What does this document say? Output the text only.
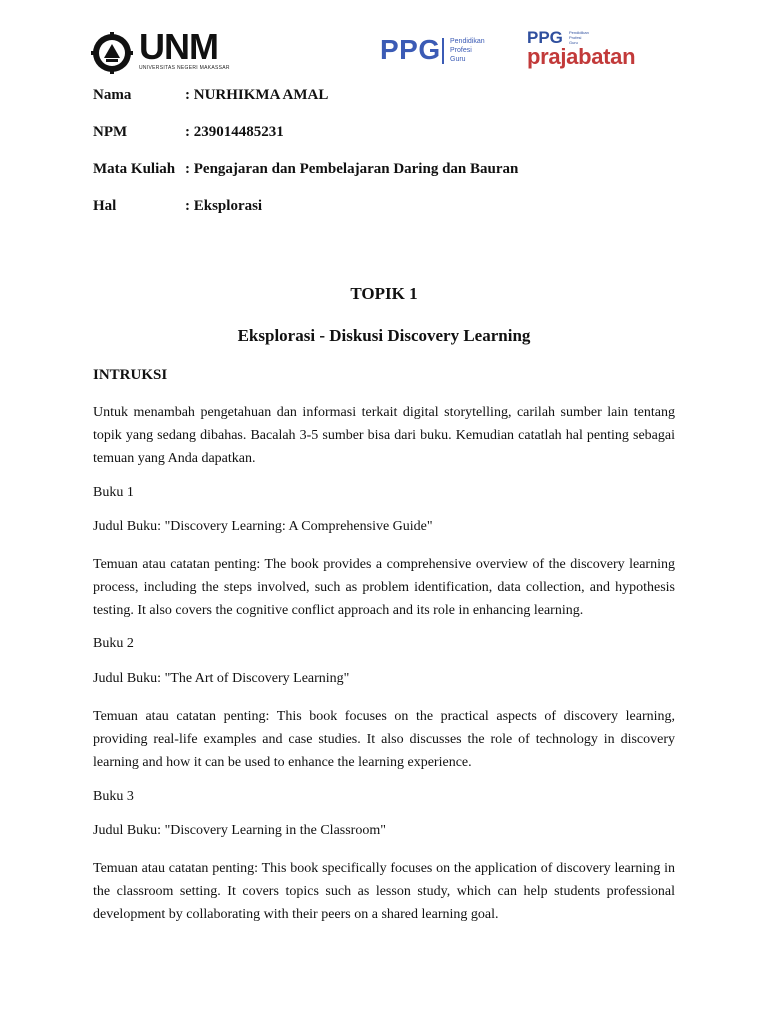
UNM
UNIVERSITAS NEGERI MAKASSAR
PPG Pendidikan
Profesi
Guru
PPG Pendidikan
Profesi
Guru
prajabatan
Nama	: NURHIKMA AMAL
NPM	: 239014485231
Mata Kuliah : Pengajaran dan Pembelajaran Daring dan Bauran
Hal	: Eksplorasi
TOPIK 1
Eksplorasi - Diskusi Discovery Learning
INTRUKSI
Untuk menambah pengetahuan dan informasi terkait digital storytelling, carilah sumber lain tentang topik yang sedang dibahas. Bacalah 3-5 sumber bisa dari buku. Kemudian catatlah hal penting sebagai temuan yang Anda dapatkan.
Buku 1
Judul Buku: "Discovery Learning: A Comprehensive Guide"
Temuan atau catatan penting: The book provides a comprehensive overview of the discovery learning process, including the steps involved, such as problem identification, data collection, and hypothesis testing. It also covers the cognitive conflict approach and its role in enhancing learning.
Buku 2
Judul Buku: "The Art of Discovery Learning"
Temuan atau catatan penting: This book focuses on the practical aspects of discovery learning, providing real-life examples and case studies. It also discusses the role of technology in discovery learning and how it can be used to enhance the learning experience.
Buku 3
Judul Buku: "Discovery Learning in the Classroom"
Temuan atau catatan penting: This book specifically focuses on the application of discovery learning in the classroom setting. It covers topics such as lesson study, which can help students professional development by collaborating with their peers on a shared learning goal.
